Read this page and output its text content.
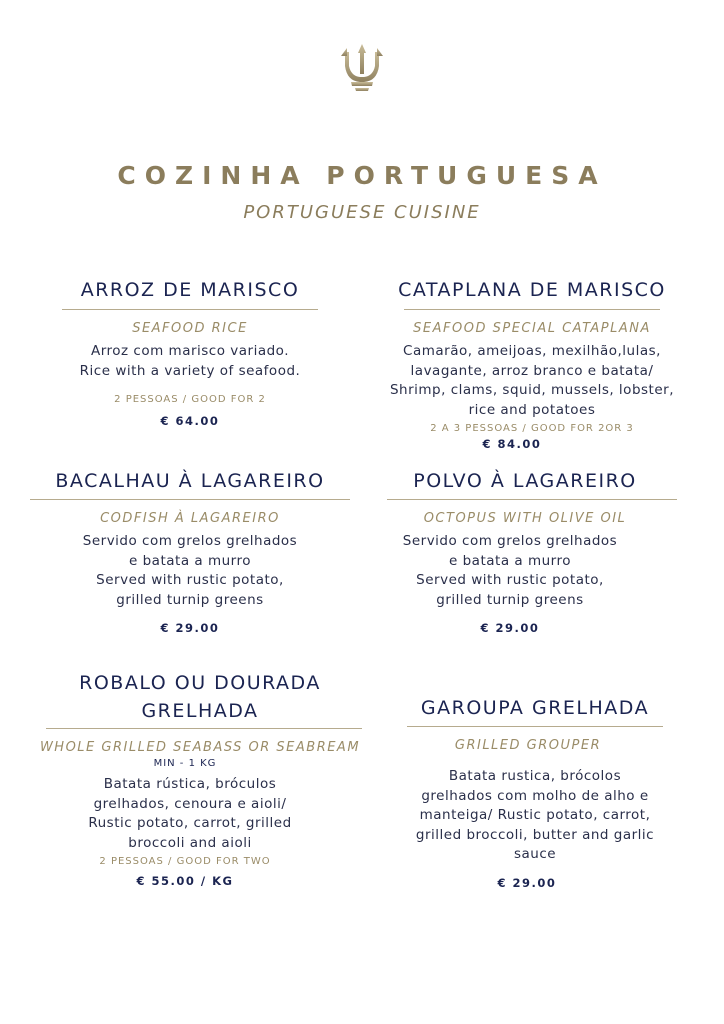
COZINHA PORTUGUESA
PORTUGUESE CUISINE
ARROZ DE MARISCO
SEAFOOD RICE
Arroz com marisco variado.
Rice with a variety of seafood.
2 PESSOAS / GOOD FOR 2
€ 64.00
CATAPLANA DE MARISCO
SEAFOOD SPECIAL CATAPLANA
Camarão, ameijoas, mexilhão,lulas,
lavagante, arroz branco e batata/
Shrimp, clams, squid, mussels, lobster,
rice and potatoes
2 A 3 PESSOAS / GOOD FOR 2OR 3
€ 84.00
BACALHAU À LAGAREIRO
CODFISH À LAGAREIRO
Servido com grelos grelhados
e batata a murro
Served with rustic potato,
grilled turnip greens
€ 29.00
POLVO À LAGAREIRO
OCTOPUS WITH OLIVE OIL
Servido com grelos grelhados
e batata a murro
Served with rustic potato,
grilled turnip greens
€ 29.00
ROBALO OU DOURADA
GRELHADA
WHOLE GRILLED SEABASS OR SEABREAM
MIN - 1 KG
Batata rústica, bróculos
grelhados, cenoura e aioli/
Rustic potato, carrot, grilled
broccoli and aioli
2 PESSOAS / GOOD FOR TWO
€ 55.00 / KG
GAROUPA GRELHADA
GRILLED GROUPER
Batata rustica, brócolos
grelhados com molho de alho e
manteiga/ Rustic potato, carrot,
grilled broccoli, butter and garlic
sauce
€ 29.00
